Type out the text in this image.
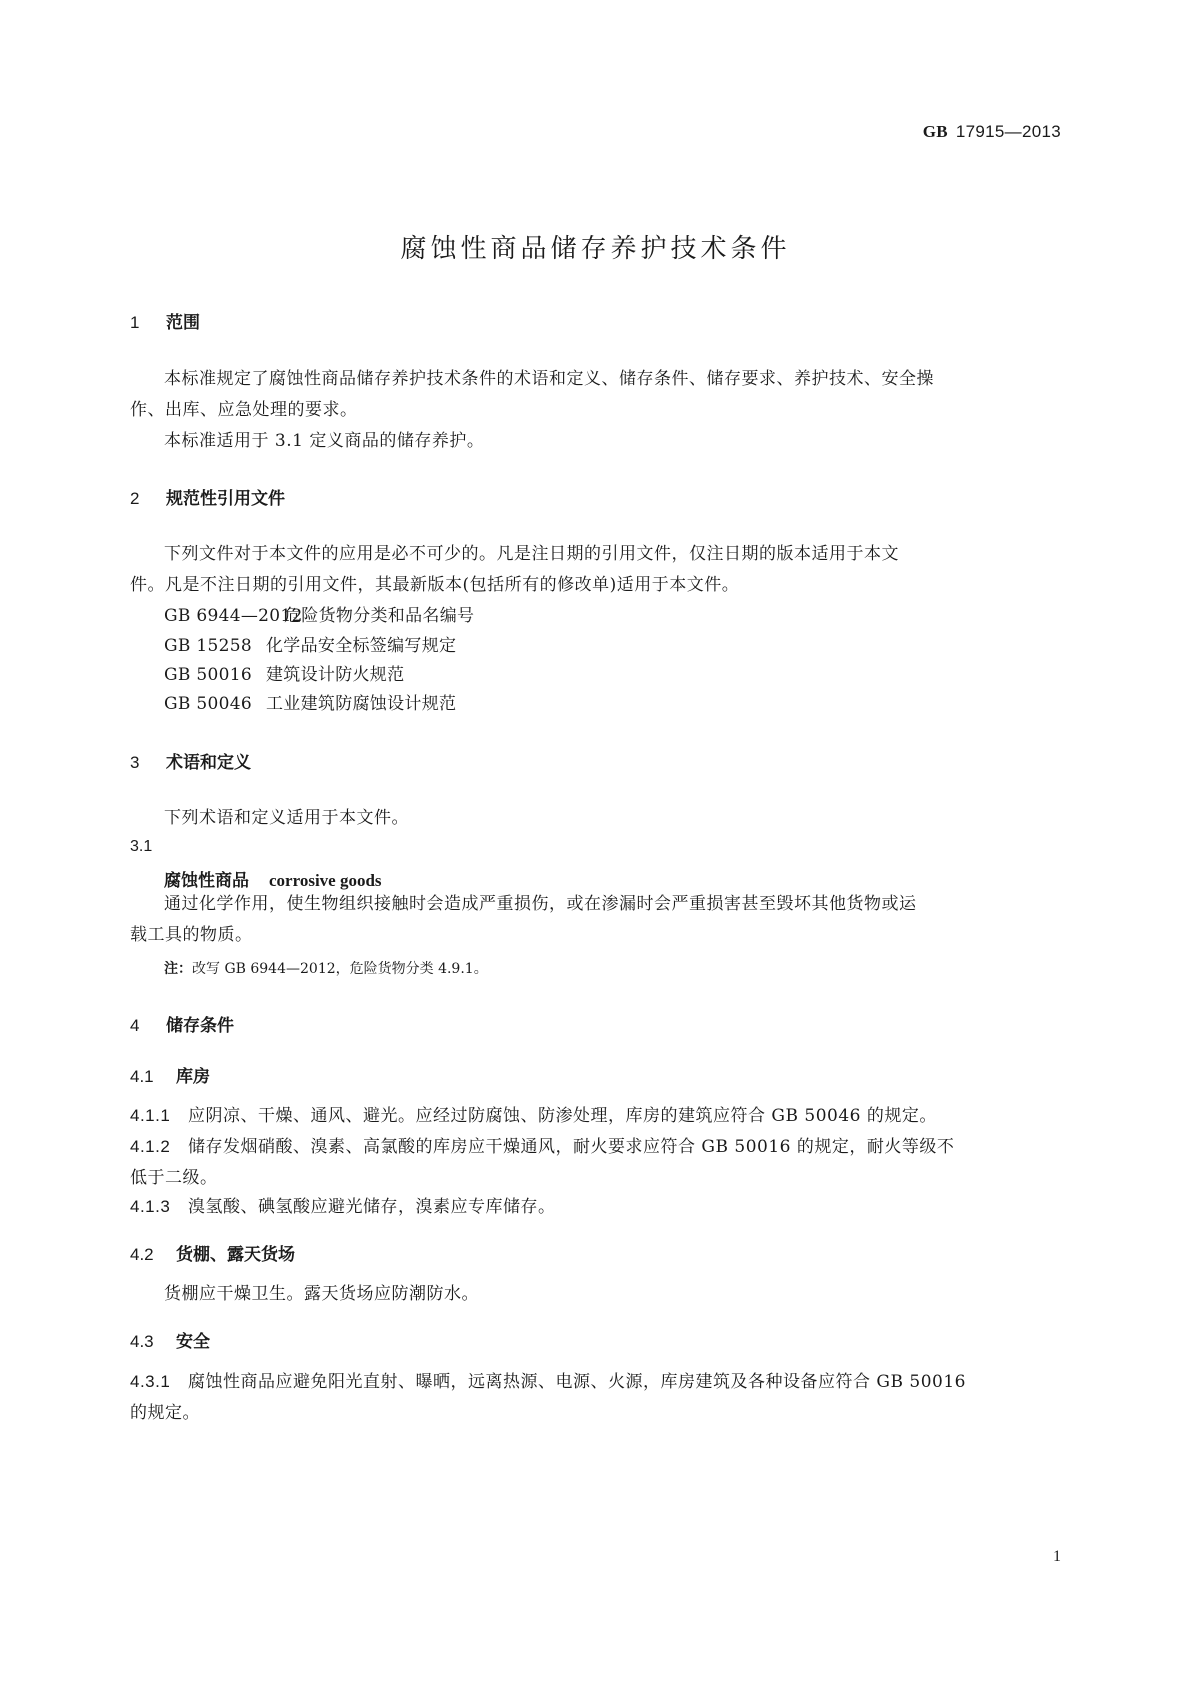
GB 17915—2013
腐蚀性商品储存养护技术条件
1 范围
本标准规定了腐蚀性商品储存养护技术条件的术语和定义、储存条件、储存要求、养护技术、安全操
作、出库、应急处理的要求。
本标准适用于 3.1 定义商品的储存养护。
2 规范性引用文件
下列文件对于本文件的应用是必不可少的。凡是注日期的引用文件，仅注日期的版本适用于本文
件。凡是不注日期的引用文件，其最新版本(包括所有的修改单)适用于本文件。
GB 6944—2012危险货物分类和品名编号
GB 15258 化学品安全标签编写规定
GB 50016 建筑设计防火规范
GB 50046 工业建筑防腐蚀设计规范
3 术语和定义
下列术语和定义适用于本文件。
3.1
腐蚀性商品 corrosive goods
通过化学作用，使生物组织接触时会造成严重损伤，或在渗漏时会严重损害甚至毁坏其他货物或运
载工具的物质。
注：改写 GB 6944—2012，危险货物分类 4.9.1。
4 储存条件
4.1 库房
4.1.1 应阴凉、干燥、通风、避光。应经过防腐蚀、防渗处理，库房的建筑应符合 GB 50046 的规定。
4.1.2 储存发烟硝酸、溴素、高氯酸的库房应干燥通风，耐火要求应符合 GB 50016 的规定，耐火等级不
低于二级。
4.1.3 溴氢酸、碘氢酸应避光储存，溴素应专库储存。
4.2 货棚、露天货场
货棚应干燥卫生。露天货场应防潮防水。
4.3 安全
4.3.1 腐蚀性商品应避免阳光直射、曝晒，远离热源、电源、火源，库房建筑及各种设备应符合 GB 50016
的规定。
1
